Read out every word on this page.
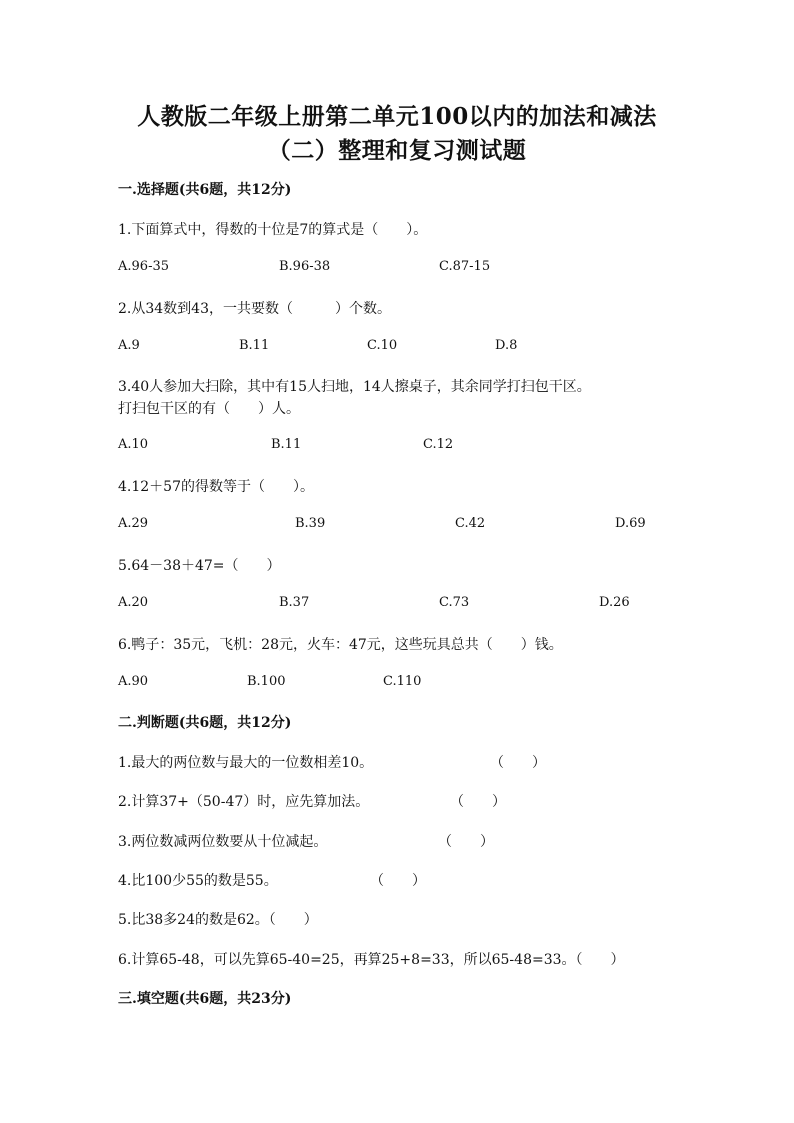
人教版二年级上册第二单元100以内的加法和减法
（二）整理和复习测试题
一.选择题(共6题，共12分)
1.下面算式中，得数的十位是7的算式是（　　）。
A.96-35	B.96-38	C.87-15
2.从34数到43，一共要数（　　　）个数。
A.9	B.11	C.10	D.8
3.40人参加大扫除，其中有15人扫地，14人擦桌子，其余同学打扫包干区。
打扫包干区的有（　　）人。
A.10	B.11	C.12
4.12＋57的得数等于（　　）。
A.29	B.39	C.42	D.69
5.64－38＋47=（　　）
A.20	B.37	C.73	D.26
6.鸭子：35元，飞机：28元，火车：47元，这些玩具总共（　　）钱。
A.90	B.100	C.110
二.判断题(共6题，共12分)
1.最大的两位数与最大的一位数相差10。	（　　）
2.计算37+（50-47）时，应先算加法。	（　　）
3.两位数减两位数要从十位减起。	（　　）
4.比100少55的数是55。	（　　）
5.比38多24的数是62。（　　）
6.计算65-48，可以先算65-40=25，再算25+8=33，所以65-48=33。（　　）
三.填空题(共6题，共23分)
